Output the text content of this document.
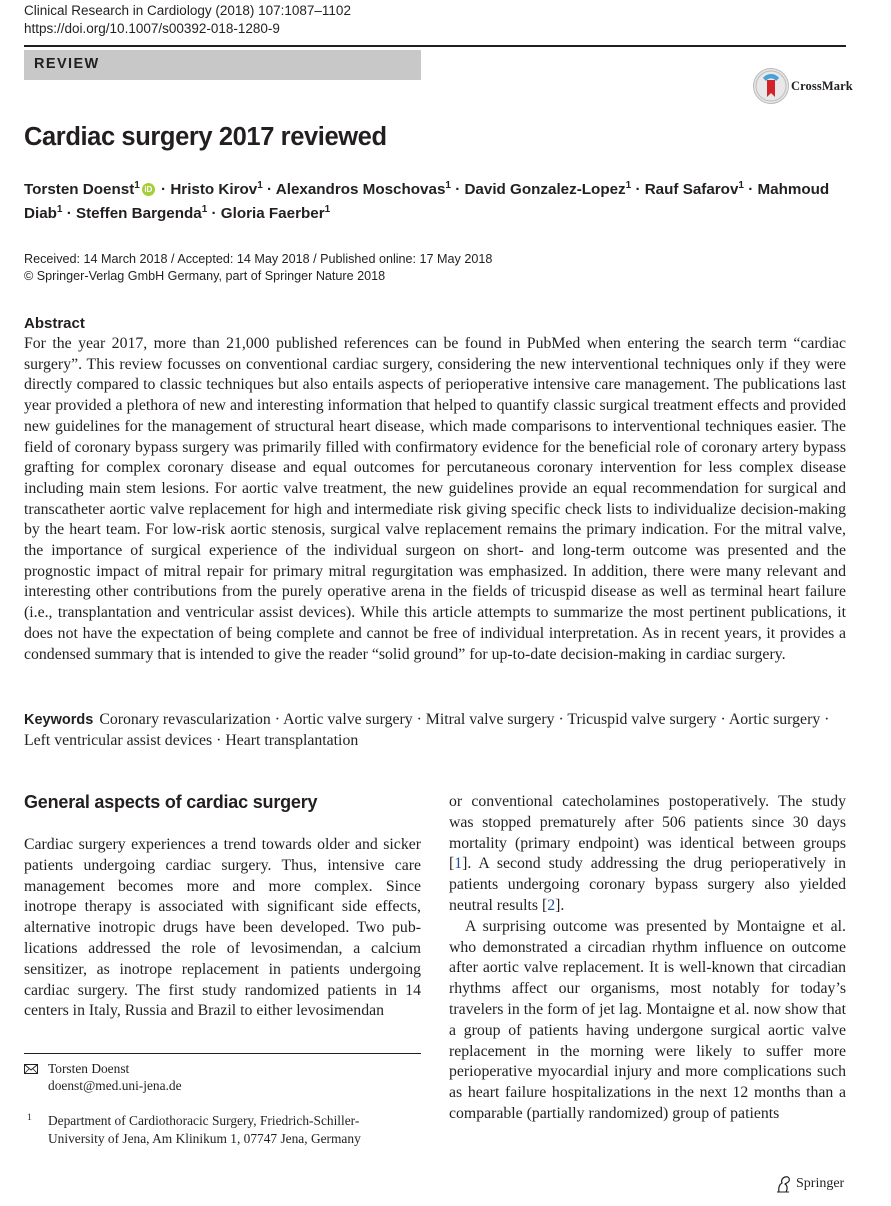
Clinical Research in Cardiology (2018) 107:1087–1102
https://doi.org/10.1007/s00392-018-1280-9
REVIEW
CrossMark
Cardiac surgery 2017 reviewed
Torsten Doenst$^1$ iD · Hristo Kirov$^1$ · Alexandros Moschovas$^1$ · David Gonzalez-Lopez$^1$ · Rauf Safarov$^1$ · Mahmoud Diab$^1$ · Steffen Bargenda$^1$ · Gloria Faerber$^1$
Received: 14 March 2018 / Accepted: 14 May 2018 / Published online: 17 May 2018
© Springer-Verlag GmbH Germany, part of Springer Nature 2018
Abstract
For the year 2017, more than 21,000 published references can be found in PubMed when entering the search term “cardiac surgery”. This review focusses on conventional cardiac surgery, considering the new interventional techniques only if they were directly compared to classic techniques but also entails aspects of perioperative intensive care management. The publications last year provided a plethora of new and interesting information that helped to quantify classic surgical treatment effects and provided new guidelines for the management of structural heart disease, which made comparisons to interventional techniques easier. The field of coronary bypass surgery was primarily filled with confirmatory evidence for the beneficial role of coronary artery bypass grafting for complex coronary disease and equal outcomes for percutaneous coronary intervention for less complex disease including main stem lesions. For aortic valve treatment, the new guidelines provide an equal recommendation for surgical and transcatheter aortic valve replacement for high and intermediate risk giving specific check lists to individualize decision-making by the heart team. For low-risk aortic stenosis, surgical valve replacement remains the primary indication. For the mitral valve, the importance of surgical experience of the individual surgeon on short- and long-term outcome was presented and the prognostic impact of mitral repair for primary mitral regurgitation was emphasized. In addition, there were many relevant and interesting other contributions from the purely operative arena in the fields of tricuspid disease as well as terminal heart failure (i.e., transplantation and ventricular assist devices). While this article attempts to summarize the most pertinent publications, it does not have the expectation of being complete and cannot be free of individual interpretation. As in recent years, it provides a condensed summary that is intended to give the reader “solid ground” for up-to-date decision-making in cardiac surgery.
Keywords Coronary revascularization · Aortic valve surgery · Mitral valve surgery · Tricuspid valve surgery · Aortic surgery · Left ventricular assist devices · Heart transplantation
General aspects of cardiac surgery
Cardiac surgery experiences a trend towards older and sicker patients undergoing cardiac surgery. Thus, intensive care management becomes more and more complex. Since inotrope therapy is associated with significant side effects, alternative inotropic drugs have been developed. Two publications addressed the role of levosimendan, a calcium sensitizer, as inotrope replacement in patients undergoing cardiac surgery. The first study randomized patients in 14 centers in Italy, Russia and Brazil to either levosimendan

or conventional catecholamines postoperatively. The study was stopped prematurely after 506 patients since 30 days mortality (primary endpoint) was identical between groups [1]. A second study addressing the drug perioperatively in patients undergoing coronary bypass surgery also yielded neutral results [2].

A surprising outcome was presented by Montaigne et al. who demonstrated a circadian rhythm influence on outcome after aortic valve replacement. It is well-known that circadian rhythms affect our organisms, most notably for today’s travelers in the form of jet lag. Montaigne et al. now show that a group of patients having undergone surgical aortic valve replacement in the morning were likely to suffer more perioperative myocardial injury and more complications such as heart failure hospitalizations in the next 12 months than a comparable (partially randomized) group of patients

Torsten Doenst
doenst@med.uni-jena.de
1 Department of Cardiothoracic Surgery, Friedrich-Schiller-University of Jena, Am Klinikum 1, 07747 Jena, Germany
Springer
